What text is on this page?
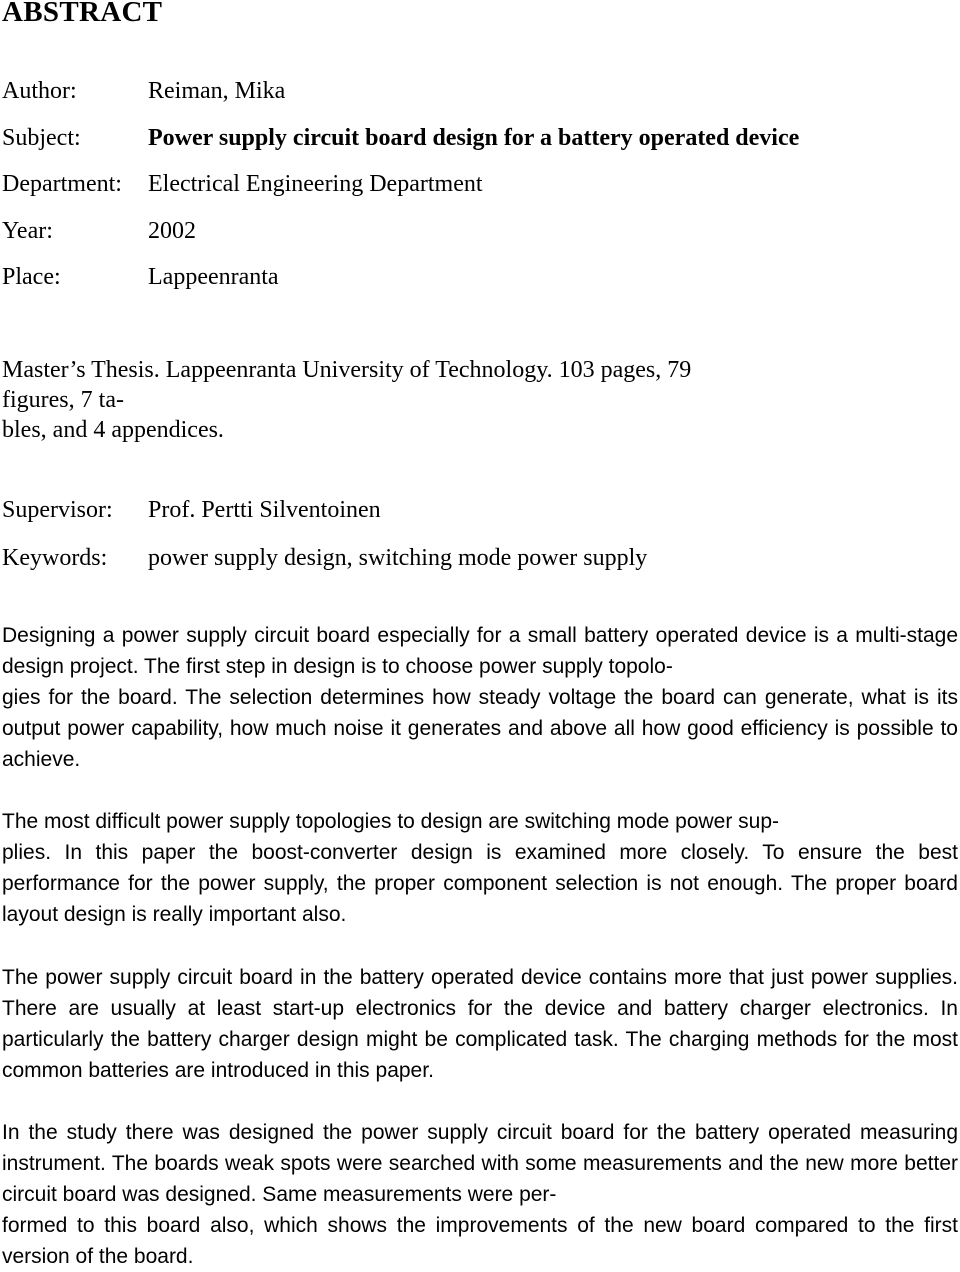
ABSTRACT
Author:	Reiman, Mika
Subject:	Power supply circuit board design for a battery operated device
Department: Electrical Engineering Department
Year:	2002
Place:	Lappeenranta

Master’s Thesis. Lappeenranta University of Technology. 103 pages, 79 figures, 7 ta-
bles, and 4 appendices.

Supervisor: Prof. Pertti Silventoinen
Keywords: power supply design, switching mode power supply

Designing a power supply circuit board especially for a small battery operated device is a multi-stage design project. The first step in design is to choose power supply topolo-
gies for the board. The selection determines how steady voltage the board can generate, what is its output power capability, how much noise it generates and above all how good efficiency is possible to achieve.

The most difficult power supply topologies to design are switching mode power sup-
plies. In this paper the boost-converter design is examined more closely. To ensure the best performance for the power supply, the proper component selection is not enough. The proper board layout design is really important also.

The power supply circuit board in the battery operated device contains more that just power supplies. There are usually at least start-up electronics for the device and battery charger electronics. In particularly the battery charger design might be complicated task. The charging methods for the most common batteries are introduced in this paper.

In the study there was designed the power supply circuit board for the battery operated measuring instrument. The boards weak spots were searched with some measurements and the new more better circuit board was designed. Same measurements were per-
formed to this board also, which shows the improvements of the new board compared to the first version of the board.
